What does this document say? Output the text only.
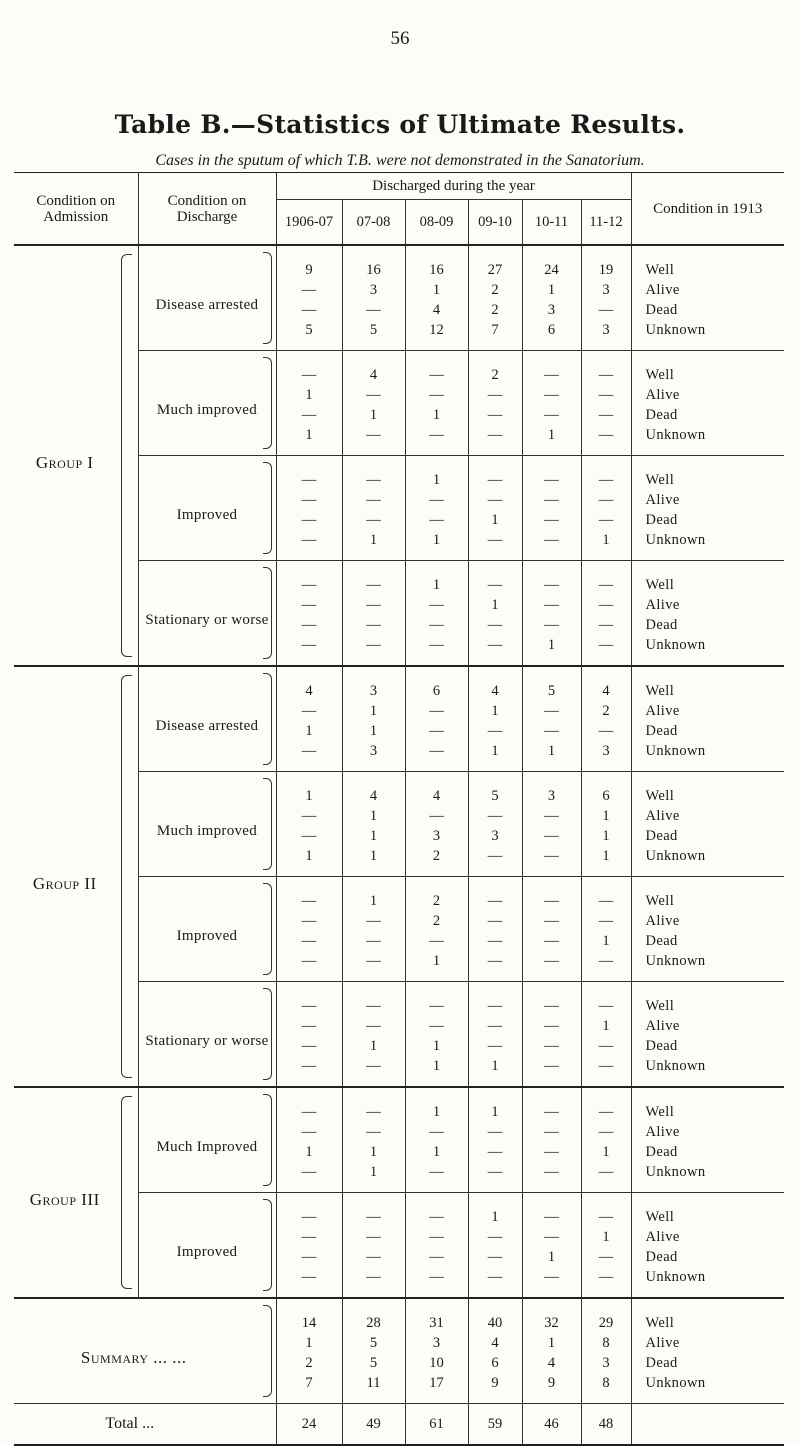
56
Table B.—Statistics of Ultimate Results.
Cases in the sputum of which T.B. were not demonstrated in the Sanatorium.

Condition on Admission	Condition on Discharge	Discharged during the year						Condition in 1913
		1906-07	07-08	08-09	09-10	10-11	11-12	
Group I	Disease arrested	9	16	16	27	24	19	Well
		—	3	1	2	1	3	Alive
		—	—	4	2	3	—	Dead
		5	5	12	7	6	3	Unknown
	Much improved	—	4	—	2	—	—	Well
		1	—	—	—	—	—	Alive
		—	1	1	—	—	—	Dead
		1	—	—	—	1	—	Unknown
	Improved	—	—	1	—	—	—	Well
		—	—	—	—	—	—	Alive
		—	—	—	1	—	—	Dead
		—	1	1	—	—	1	Unknown
	Stationary or worse	—	—	1	—	—	—	Well
		—	—	—	1	—	—	Alive
		—	—	—	—	—	—	Dead
		—	—	—	—	1	—	Unknown
Group II	Disease arrested	4	3	6	4	5	4	Well
		—	1	—	1	—	2	Alive
		1	1	—	—	—	—	Dead
		—	3	—	1	1	3	Unknown
	Much improved	1	4	4	5	3	6	Well
		—	1	—	—	—	1	Alive
		—	1	3	3	—	1	Dead
		1	1	2	—	—	1	Unknown
	Improved	—	1	2	—	—	—	Well
		—	—	2	—	—	—	Alive
		—	—	—	—	—	1	Dead
		—	—	1	—	—	—	Unknown
	Stationary or worse	—	—	—	—	—	—	Well
		—	—	—	—	—	1	Alive
		—	1	1	—	—	—	Dead
		—	—	1	1	—	—	Unknown
Group III	Much Improved	—	—	1	1	—	—	Well
		—	—	—	—	—	—	Alive
		1	1	1	—	—	1	Dead
		—	1	—	—	—	—	Unknown
	Improved	—	—	—	1	—	—	Well
		—	—	—	—	—	1	Alive
		—	—	—	—	1	—	Dead
		—	—	—	—	—	—	Unknown
Summary ... ...		14	28	31	40	32	29	Well
		1	5	3	4	1	8	Alive
		2	5	10	6	4	3	Dead
		7	11	17	9	9	8	Unknown
Total ...		24	49	61	59	46	48	
